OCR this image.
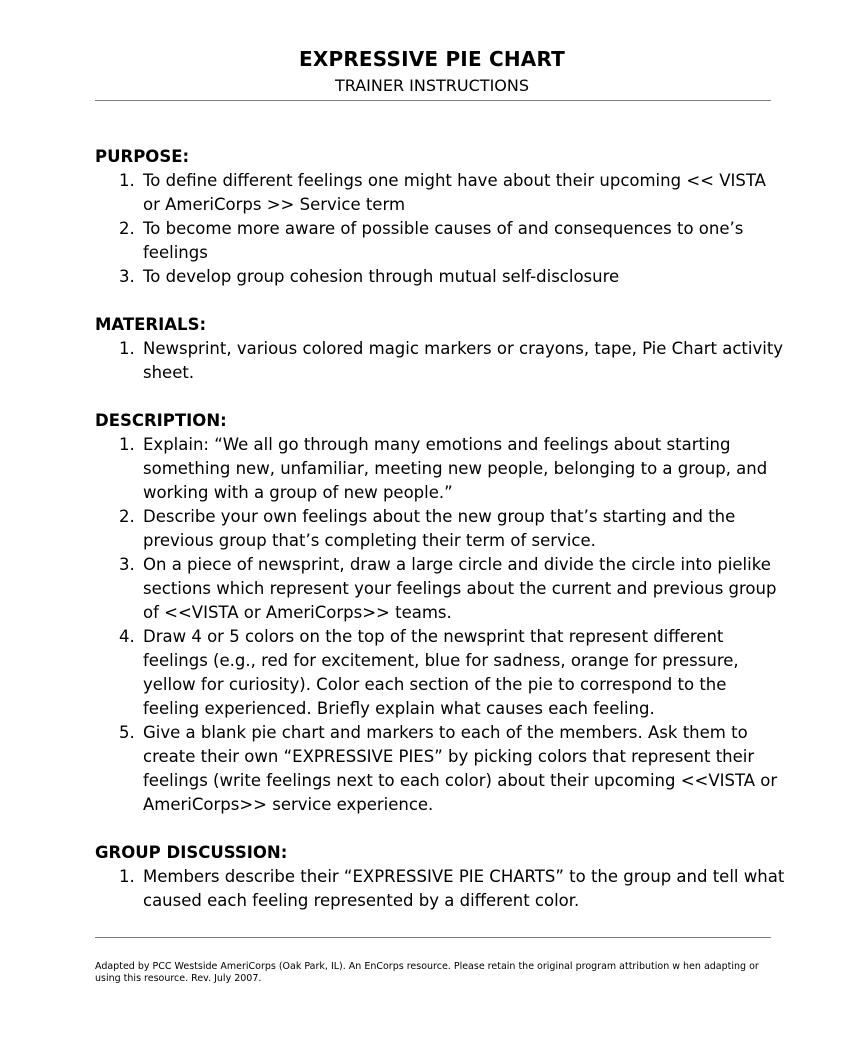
EXPRESSIVE PIE CHART
TRAINER INSTRUCTIONS
PURPOSE:
1. To define different feelings one might have about their upcoming << VISTA or AmeriCorps >> Service term
2. To become more aware of possible causes of and consequences to one’s feelings
3. To develop group cohesion through mutual self-disclosure
MATERIALS:
1. Newsprint, various colored magic markers or crayons, tape, Pie Chart activity sheet.
DESCRIPTION:
1. Explain: “We all go through many emotions and feelings about starting something new, unfamiliar, meeting new people, belonging to a group, and working with a group of new people.”
2. Describe your own feelings about the new group that’s starting and the previous group that’s completing their term of service.
3. On a piece of newsprint, draw a large circle and divide the circle into pielike sections which represent your feelings about the current and previous group of <<VISTA or AmeriCorps>> teams.
4. Draw 4 or 5 colors on the top of the newsprint that represent different feelings (e.g., red for excitement, blue for sadness, orange for pressure, yellow for curiosity). Color each section of the pie to correspond to the feeling experienced. Briefly explain what causes each feeling.
5. Give a blank pie chart and markers to each of the members. Ask them to create their own “EXPRESSIVE PIES” by picking colors that represent their feelings (write feelings next to each color) about their upcoming <<VISTA or AmeriCorps>> service experience.
GROUP DISCUSSION:
1. Members describe their “EXPRESSIVE PIE CHARTS” to the group and tell what caused each feeling represented by a different color.
Adapted by PCC Westside AmeriCorps (Oak Park, IL). An EnCorps resource. Please retain the original program attribution w hen adapting or using this resource. Rev. July 2007.
